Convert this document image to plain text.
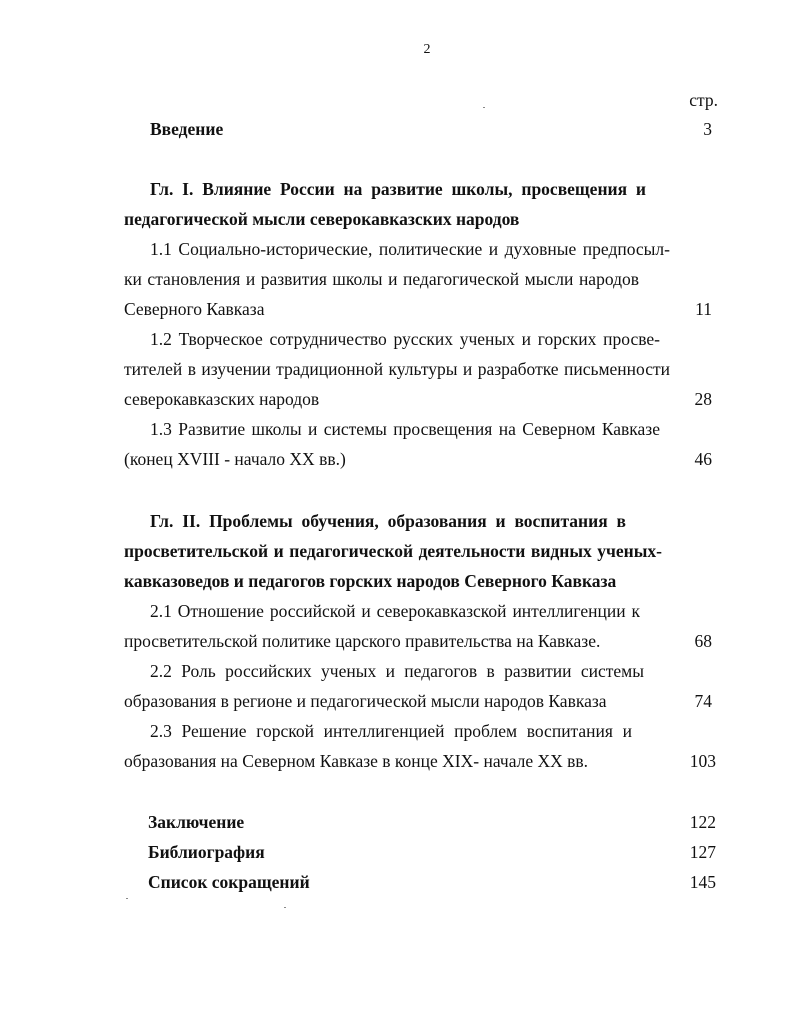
2
стр.
Введение	3
Гл. I. Влияние России на развитие школы, просвещения и
педагогической мысли северокавказских народов
1.1 Социально-исторические, политические и духовные предпосыл-
ки становления и развития школы и педагогической мысли народов
Северного Кавказа	11
1.2 Творческое сотрудничество русских ученых и горских просве-
тителей в изучении традиционной культуры и разработке письменности
северокавказских народов	28
1.3 Развитие школы и системы просвещения на Северном Кавказе
(конец XVIII - начало XX вв.)	46
Гл. II. Проблемы обучения, образования и воспитания в
просветительской и педагогической деятельности видных ученых-
кавказоведов и педагогов горских народов Северного Кавказа
2.1 Отношение российской и северокавказской интеллигенции к
просветительской политике царского правительства на Кавказе.	68
2.2 Роль российских ученых и педагогов в развитии системы
образования в регионе и педагогической мысли народов Кавказа	74
2.3 Решение горской интеллигенцией проблем воспитания и
образования на Северном Кавказе в конце XIX- начале XX вв.	103
Заключение	122
Библиография	127
Список сокращений	145
